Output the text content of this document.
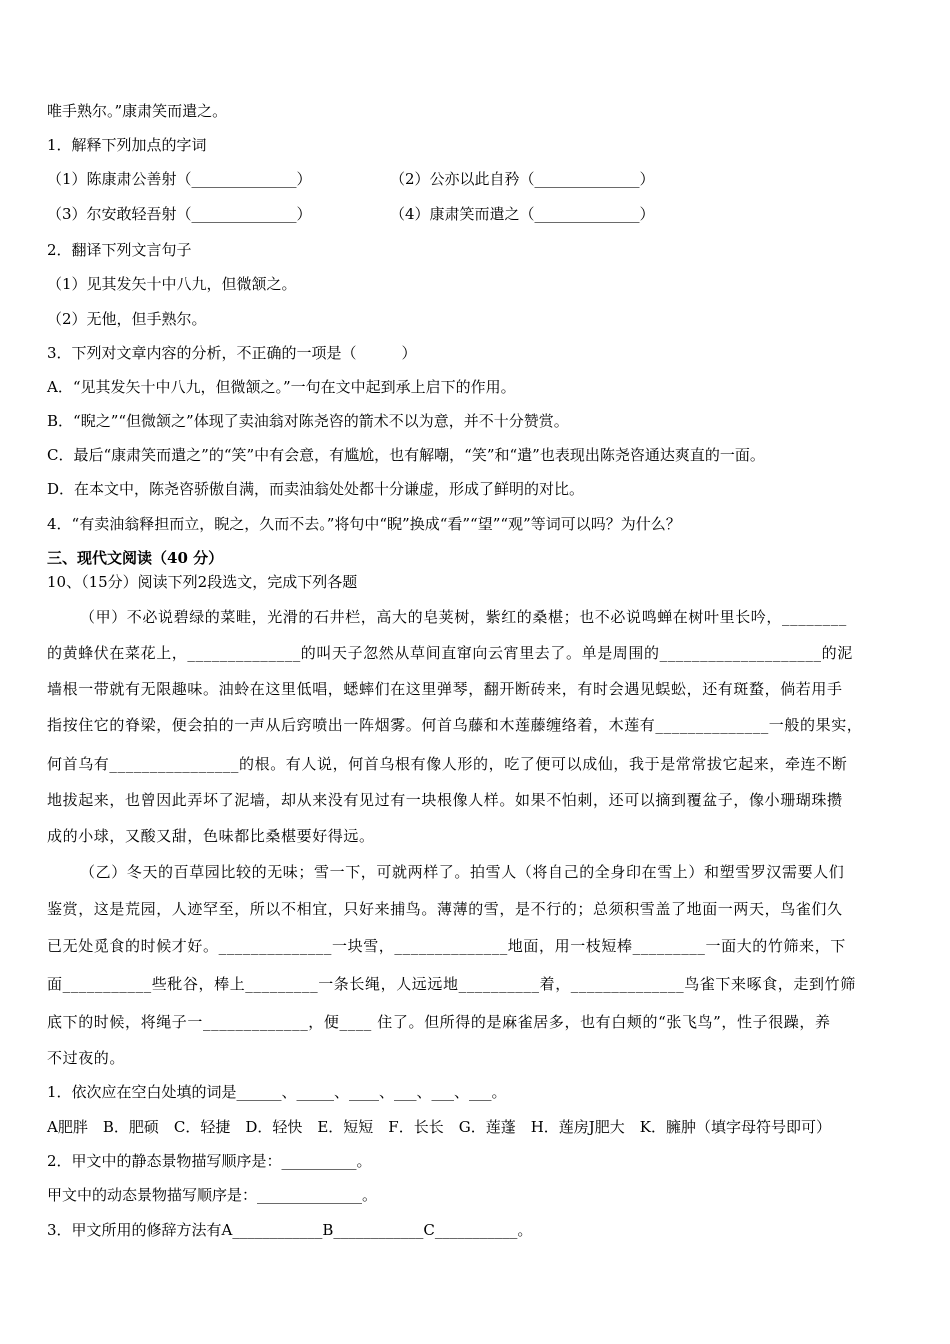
唯手熟尔。”康肃笑而遣之。
1．解释下列加点的字词
（1）陈康肃公善射（______________）	（2）公亦以此自矜（______________）
（3）尔安敢轻吾射（______________）	（4）康肃笑而遣之（______________）
2．翻译下列文言句子
（1）见其发矢十中八九，但微颔之。
（2）无他，但手熟尔。
3．下列对文章内容的分析，不正确的一项是（　　　）
A．“见其发矢十中八九，但微颔之。”一句在文中起到承上启下的作用。
B．“睨之”“但微颔之”体现了卖油翁对陈尧咨的箭术不以为意，并不十分赞赏。
C．最后“康肃笑而遣之”的“笑”中有会意，有尴尬，也有解嘲，“笑”和“遣”也表现出陈尧咨通达爽直的一面。
D．在本文中，陈尧咨骄傲自满，而卖油翁处处都十分谦虚，形成了鲜明的对比。
4．“有卖油翁释担而立，睨之，久而不去。”将句中“睨”换成“看”“望”“观”等词可以吗？为什么？
三、现代文阅读（40 分）
10、（15分）阅读下列2段选文，完成下列各题
（甲）不必说碧绿的菜畦，光滑的石井栏，高大的皂荚树，紫红的桑椹；也不必说鸣蝉在树叶里长吟，________
的黄蜂伏在菜花上，______________的叫天子忽然从草间直窜向云宵里去了。单是周围的____________________的泥
墙根一带就有无限趣味。油蛉在这里低唱，蟋蟀们在这里弹琴，翻开断砖来，有时会遇见蜈蚣，还有斑蝥，倘若用手
指按住它的脊梁，便会拍的一声从后窍喷出一阵烟雾。何首乌藤和木莲藤缠络着，木莲有______________一般的果实，
何首乌有________________的根。有人说，何首乌根有像人形的，吃了便可以成仙，我于是常常拔它起来，牵连不断
地拔起来，也曾因此弄坏了泥墙，却从来没有见过有一块根像人样。如果不怕刺，还可以摘到覆盆子，像小珊瑚珠攒
成的小球，又酸又甜，色味都比桑椹要好得远。
（乙）冬天的百草园比较的无味；雪一下，可就两样了。拍雪人（将自己的全身印在雪上）和塑雪罗汉需要人们
鉴赏，这是荒园，人迹罕至，所以不相宜，只好来捕鸟。薄薄的雪，是不行的；总须积雪盖了地面一两天，鸟雀们久
已无处觅食的时候才好。______________一块雪，______________地面，用一枝短棒_________一面大的竹筛来，下
面___________些秕谷，棒上_________一条长绳，人远远地__________着，______________鸟雀下来啄食，走到竹筛
底下的时候，将绳子一_____________，便____ 住了。但所得的是麻雀居多，也有白颊的“张飞鸟”，性子很躁，养
不过夜的。
1．依次应在空白处填的词是______、_____、____、___、___、___。
A肥胖　B．肥硕　C．轻捷　D．轻快　E．短短　F．长长　G．莲蓬　H．莲房J肥大　K．臃肿（填字母符号即可）
2．甲文中的静态景物描写顺序是：__________。
甲文中的动态景物描写顺序是：______________。
3．甲文所用的修辞方法有A____________B____________C___________。
